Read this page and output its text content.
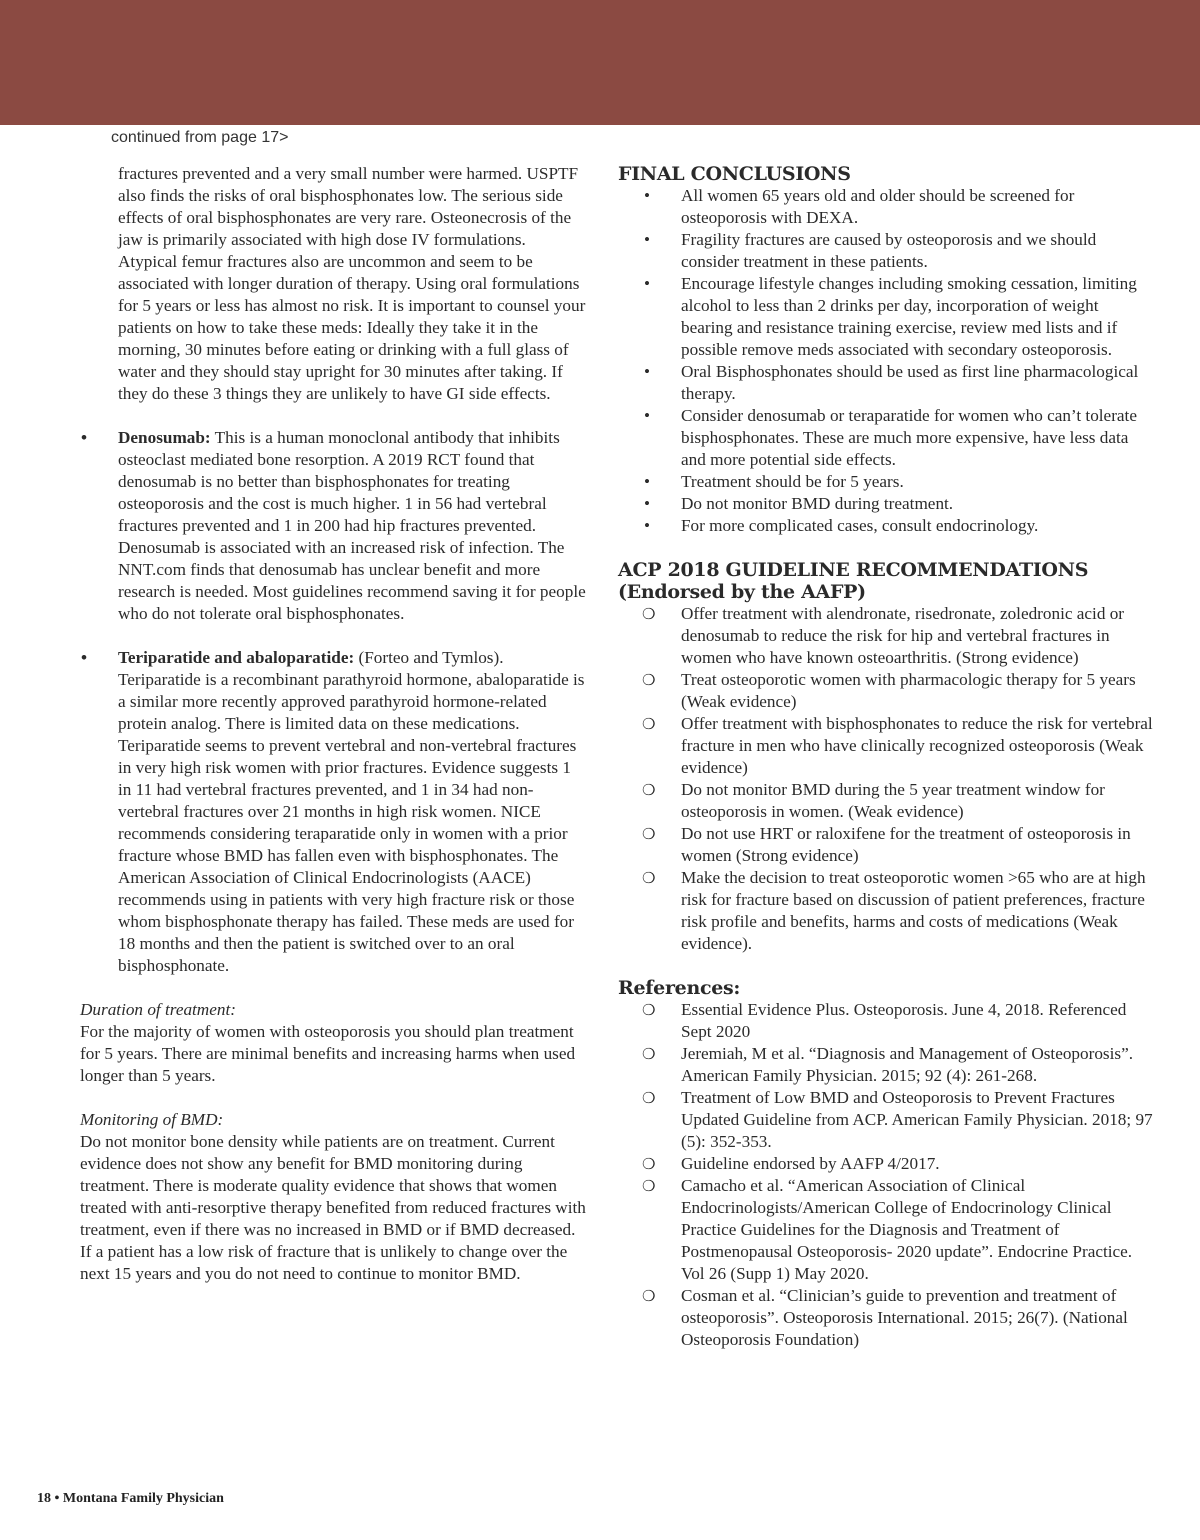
continued from page 17>

fractures prevented and a very small number were harmed. USPTF also finds the risks of oral bisphosphonates low. The serious side effects of oral bisphosphonates are very rare. Osteonecrosis of the jaw is primarily associated with high dose IV formulations. Atypical femur fractures also are uncommon and seem to be associated with longer duration of therapy. Using oral formulations for 5 years or less has almost no risk. It is important to counsel your patients on how to take these meds: Ideally they take it in the morning, 30 minutes before eating or drinking with a full glass of water and they should stay upright for 30 minutes after taking. If they do these 3 things they are unlikely to have GI side effects.

• Denosumab: This is a human monoclonal antibody that inhibits osteoclast mediated bone resorption. A 2019 RCT found that denosumab is no better than bisphosphonates for treating osteoporosis and the cost is much higher. 1 in 56 had vertebral fractures prevented and 1 in 200 had hip fractures prevented. Denosumab is associated with an increased risk of infection. The NNT.com finds that denosumab has unclear benefit and more research is needed. Most guidelines recommend saving it for people who do not tolerate oral bisphosphonates.
• Teriparatide and abaloparatide: (Forteo and Tymlos). Teriparatide is a recombinant parathyroid hormone, abaloparatide is a similar more recently approved parathyroid hormone-related protein analog. There is limited data on these medications. Teriparatide seems to prevent vertebral and non-vertebral fractures in very high risk women with prior fractures. Evidence suggests 1 in 11 had vertebral fractures prevented, and 1 in 34 had non-vertebral fractures over 21 months in high risk women. NICE recommends considering teraparatide only in women with a prior fracture whose BMD has fallen even with bisphosphonates. The American Association of Clinical Endocrinologists (AACE) recommends using in patients with very high fracture risk or those whom bisphosphonate therapy has failed. These meds are used for 18 months and then the patient is switched over to an oral bisphosphonate.

Duration of treatment:

For the majority of women with osteoporosis you should plan treatment for 5 years. There are minimal benefits and increasing harms when used longer than 5 years.

Monitoring of BMD:

Do not monitor bone density while patients are on treatment. Current evidence does not show any benefit for BMD monitoring during treatment. There is moderate quality evidence that shows that women treated with anti-resorptive therapy benefited from reduced fractures with treatment, even if there was no increased in BMD or if BMD decreased. If a patient has a low risk of fracture that is unlikely to change over the next 15 years and you do not need to continue to monitor BMD.

FINAL CONCLUSIONS
• All women 65 years old and older should be screened for osteoporosis with DEXA.
• Fragility fractures are caused by osteoporosis and we should consider treatment in these patients.
• Encourage lifestyle changes including smoking cessation, limiting alcohol to less than 2 drinks per day, incorporation of weight bearing and resistance training exercise, review med lists and if possible remove meds associated with secondary osteoporosis.
• Oral Bisphosphonates should be used as first line pharmacological therapy.
• Consider denosumab or teraparatide for women who can’t tolerate bisphosphonates. These are much more expensive, have less data and more potential side effects.
• Treatment should be for 5 years.
• Do not monitor BMD during treatment.
• For more complicated cases, consult endocrinology.
ACP 2018 GUIDELINE RECOMMENDATIONS
(Endorsed by the AAFP)
❍ Offer treatment with alendronate, risedronate, zoledronic acid or denosumab to reduce the risk for hip and vertebral fractures in women who have known osteoarthritis. (Strong evidence)
❍ Treat osteoporotic women with pharmacologic therapy for 5 years (Weak evidence)
❍ Offer treatment with bisphosphonates to reduce the risk for vertebral fracture in men who have clinically recognized osteoporosis (Weak evidence)
❍ Do not monitor BMD during the 5 year treatment window for osteoporosis in women. (Weak evidence)
❍ Do not use HRT or raloxifene for the treatment of osteoporosis in women (Strong evidence)
❍ Make the decision to treat osteoporotic women >65 who are at high risk for fracture based on discussion of patient preferences, fracture risk profile and benefits, harms and costs of medications (Weak evidence).
References:
❍ Essential Evidence Plus. Osteoporosis. June 4, 2018. Referenced Sept 2020
❍ Jeremiah, M et al. “Diagnosis and Management of Osteoporosis”. American Family Physician. 2015; 92 (4): 261-268.
❍ Treatment of Low BMD and Osteoporosis to Prevent Fractures Updated Guideline from ACP. American Family Physician. 2018; 97 (5): 352-353.
❍ Guideline endorsed by AAFP 4/2017.
❍ Camacho et al. “American Association of Clinical Endocrinologists/American College of Endocrinology Clinical Practice Guidelines for the Diagnosis and Treatment of Postmenopausal Osteoporosis- 2020 update”. Endocrine Practice. Vol 26 (Supp 1) May 2020.
❍ Cosman et al. “Clinician’s guide to prevention and treatment of osteoporosis”. Osteoporosis International. 2015; 26(7). (National Osteoporosis Foundation)
18 • Montana Family Physician
